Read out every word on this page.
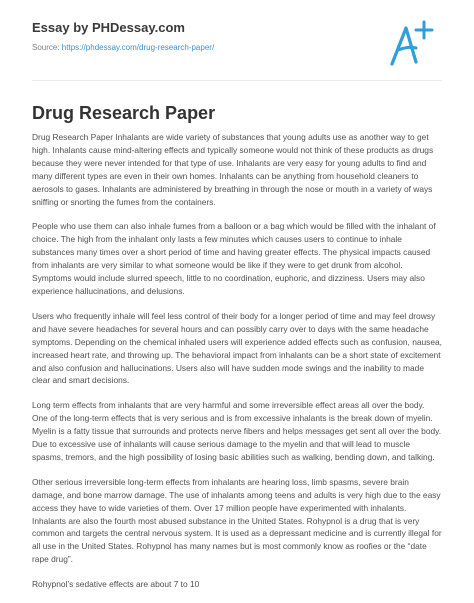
Essay by PHDessay.com
Source: https://phdessay.com/drug-research-paper/
Drug Research Paper

Drug Research Paper Inhalants are wide variety of substances that young adults use as another way to get high. Inhalants cause mind-altering effects and typically someone would not think of these products as drugs because they were never intended for that type of use. Inhalants are very easy for young adults to find and many different types are even in their own homes. Inhalants can be anything from household cleaners to aerosols to gases. Inhalants are administered by breathing in through the nose or mouth in a variety of ways sniffing or snorting the fumes from the containers.

People who use them can also inhale fumes from a balloon or a bag which would be filled with the inhalant of choice. The high from the inhalant only lasts a few minutes which causes users to continue to inhale substances many times over a short period of time and having greater effects. The physical impacts caused from inhalants are very similar to what someone would be like if they were to get drunk from alcohol. Symptoms would include slurred speech, little to no coordination, euphoric, and dizziness. Users may also experience hallucinations, and delusions.

Users who frequently inhale will feel less control of their body for a longer period of time and may feel drowsy and have severe headaches for several hours and can possibly carry over to days with the same headache symptoms. Depending on the chemical inhaled users will experience added effects such as confusion, nausea, increased heart rate, and throwing up. The behavioral impact from inhalants can be a short state of excitement and also confusion and hallucinations. Users also will have sudden mode swings and the inability to made clear and smart decisions.

Long term effects from inhalants that are very harmful and some irreversible effect areas all over the body. One of the long-term effects that is very serious and is from excessive inhalants is the break down of myelin. Myelin is a fatty tissue that surrounds and protects nerve fibers and helps messages get sent all over the body. Due to excessive use of inhalants will cause serious damage to the myelin and that will lead to muscle spasms, tremors, and the high possibility of losing basic abilities such as walking, bending down, and talking.

Other serious irreversible long-term effects from inhalants are hearing loss, limb spasms, severe brain damage, and bone marrow damage. The use of inhalants among teens and adults is very high due to the easy access they have to wide varieties of them. Over 17 million people have experimented with inhalants. Inhalants are also the fourth most abused substance in the United States. Rohypnol is a drug that is very common and targets the central nervous system. It is used as a depressant medicine and is currently illegal for all use in the United States. Rohypnol has many names but is most commonly know as roofies or the “date rape drug”.

Rohypnol’s sedative effects are about 7 to 10
